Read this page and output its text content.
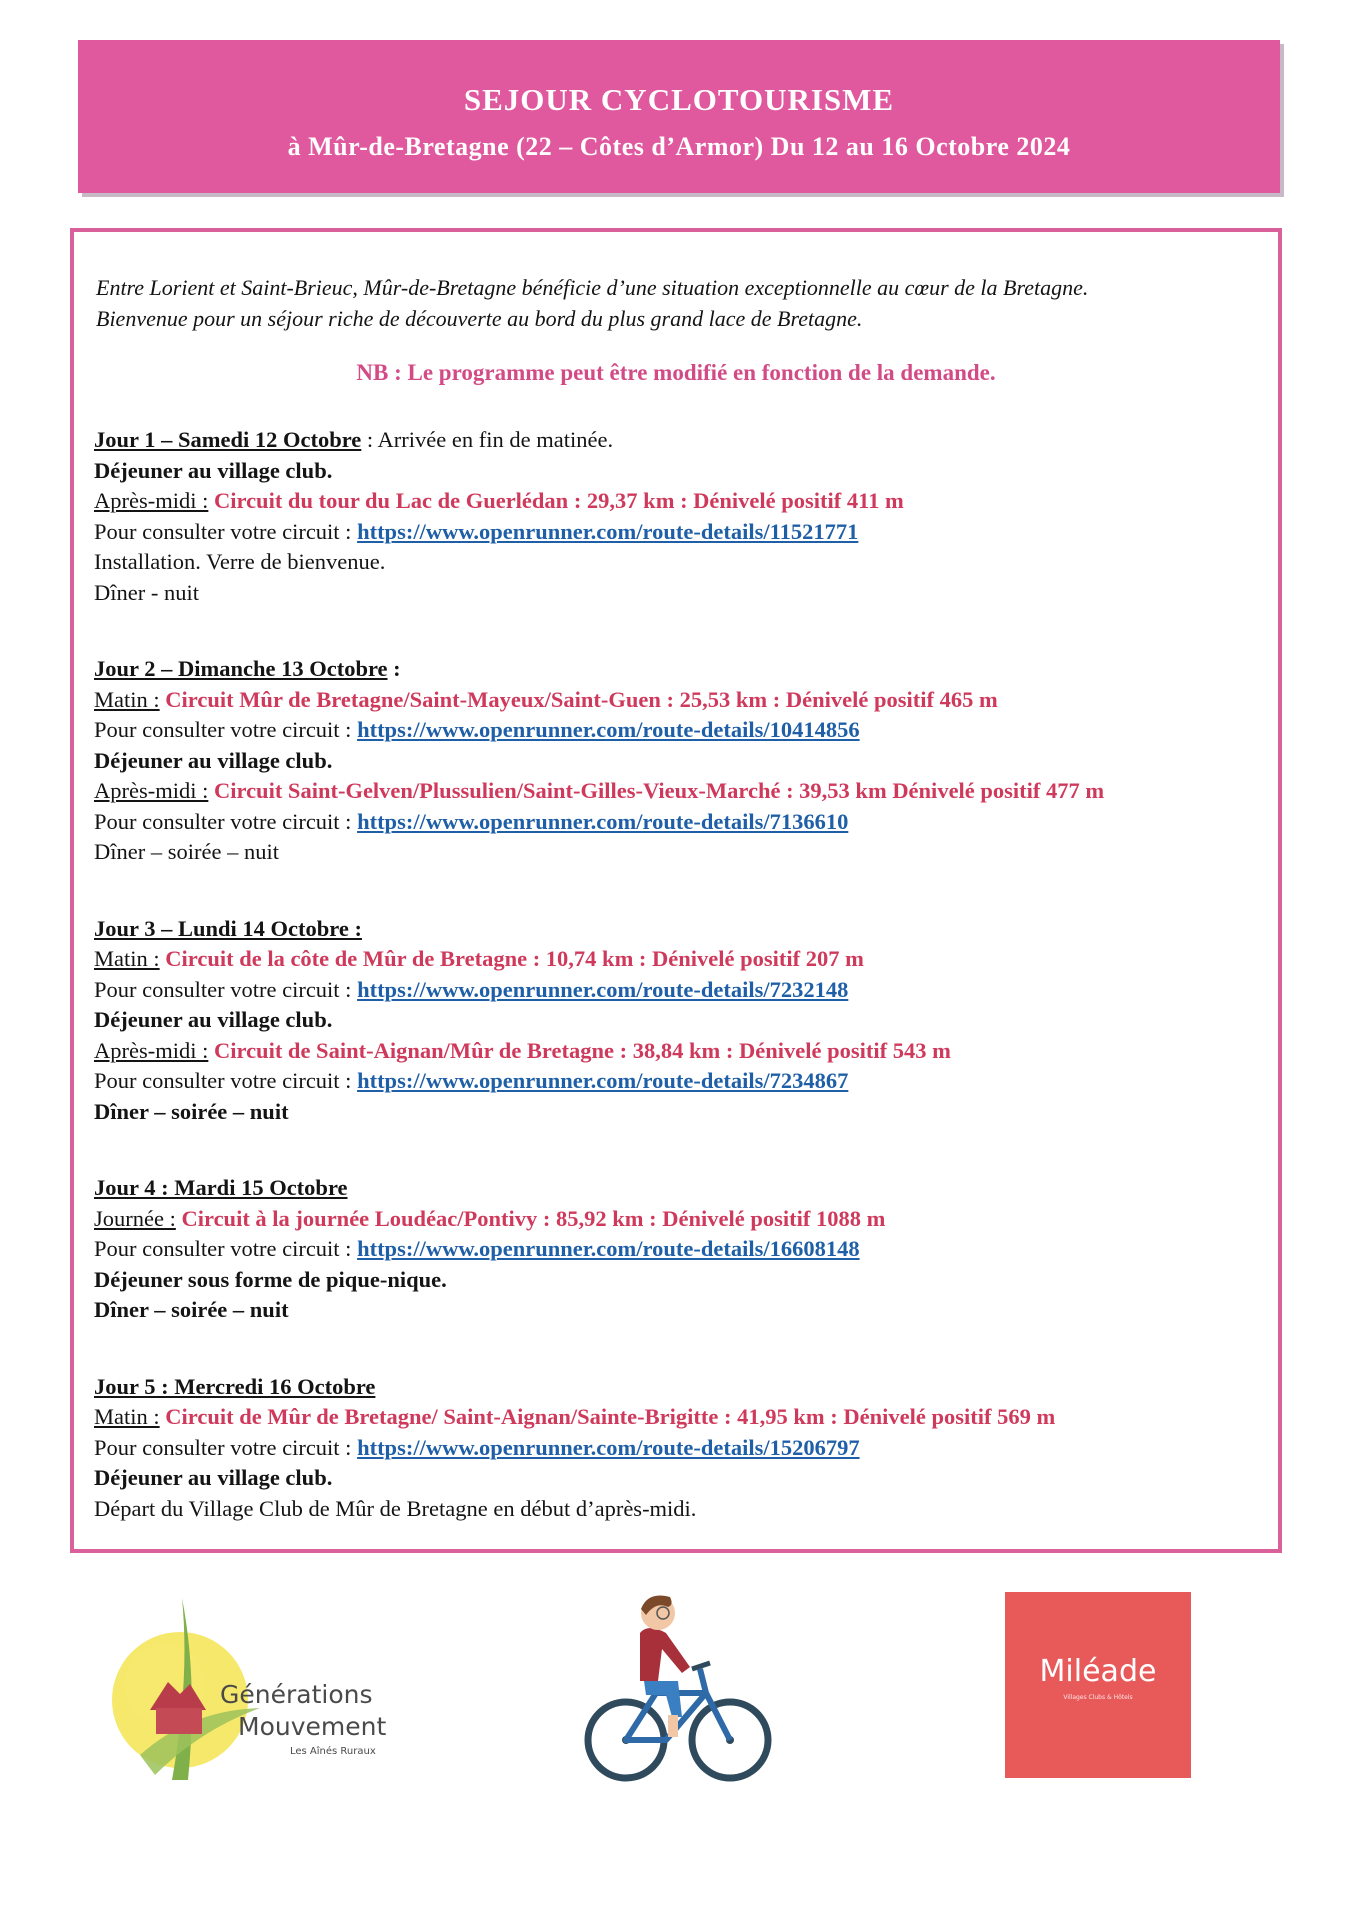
SEJOUR CYCLOTOURISME
à Mûr-de-Bretagne (22 – Côtes d’Armor) Du 12 au 16 Octobre 2024
Entre Lorient et Saint-Brieuc, Mûr-de-Bretagne bénéficie d’une situation exceptionnelle au cœur de la Bretagne.
Bienvenue pour un séjour riche de découverte au bord du plus grand lace de Bretagne.
NB : Le programme peut être modifié en fonction de la demande.
Jour 1 – Samedi 12 Octobre : Arrivée en fin de matinée.
Déjeuner au village club.
Après-midi : Circuit du tour du Lac de Guerlédan : 29,37 km : Dénivelé positif 411 m
Pour consulter votre circuit : https://www.openrunner.com/route-details/11521771
Installation. Verre de bienvenue.
Dîner - nuit
Jour 2 – Dimanche 13 Octobre :
Matin : Circuit Mûr de Bretagne/Saint-Mayeux/Saint-Guen : 25,53 km : Dénivelé positif 465 m
Pour consulter votre circuit : https://www.openrunner.com/route-details/10414856
Déjeuner au village club.
Après-midi : Circuit Saint-Gelven/Plussulien/Saint-Gilles-Vieux-Marché : 39,53 km Dénivelé positif 477 m
Pour consulter votre circuit : https://www.openrunner.com/route-details/7136610
Dîner – soirée – nuit
Jour 3 – Lundi 14 Octobre :
Matin : Circuit de la côte de Mûr de Bretagne : 10,74 km : Dénivelé positif 207 m
Pour consulter votre circuit : https://www.openrunner.com/route-details/7232148
Déjeuner au village club.
Après-midi : Circuit de Saint-Aignan/Mûr de Bretagne : 38,84 km : Dénivelé positif 543 m
Pour consulter votre circuit : https://www.openrunner.com/route-details/7234867
Dîner – soirée – nuit
Jour 4 : Mardi 15 Octobre
Journée : Circuit à la journée Loudéac/Pontivy : 85,92 km : Dénivelé positif 1088 m
Pour consulter votre circuit : https://www.openrunner.com/route-details/16608148
Déjeuner sous forme de pique-nique.
Dîner – soirée – nuit
Jour 5 : Mercredi 16 Octobre
Matin : Circuit de Mûr de Bretagne/ Saint-Aignan/Sainte-Brigitte : 41,95 km : Dénivelé positif 569 m
Pour consulter votre circuit : https://www.openrunner.com/route-details/15206797
Déjeuner au village club.
Départ du Village Club de Mûr de Bretagne en début d’après-midi.
Générations
Mouvement
Les Aînés Ruraux
Miléade
Villages Clubs & Hôtels
